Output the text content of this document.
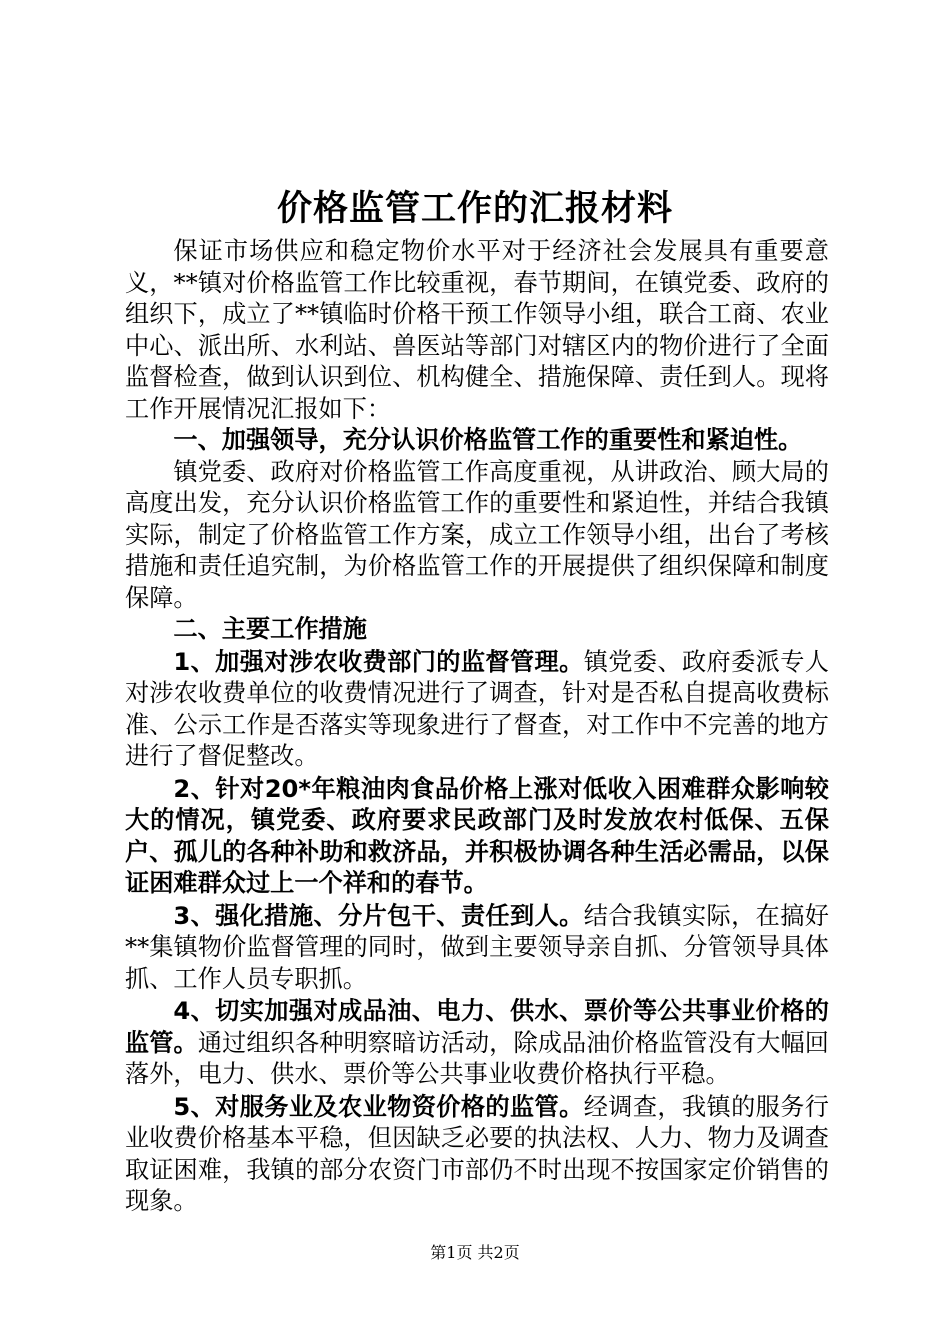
价格监管工作的汇报材料

保证市场供应和稳定物价水平对于经济社会发展具有重要意义，**镇对价格监管工作比较重视，春节期间，在镇党委、政府的组织下，成立了**镇临时价格干预工作领导小组，联合工商、农业中心、派出所、水利站、兽医站等部门对辖区内的物价进行了全面监督检查，做到认识到位、机构健全、措施保障、责任到人。现将工作开展情况汇报如下：

一、加强领导，充分认识价格监管工作的重要性和紧迫性。

镇党委、政府对价格监管工作高度重视，从讲政治、顾大局的高度出发，充分认识价格监管工作的重要性和紧迫性，并结合我镇实际，制定了价格监管工作方案，成立工作领导小组，出台了考核措施和责任追究制，为价格监管工作的开展提供了组织保障和制度保障。

二、主要工作措施

1、加强对涉农收费部门的监督管理。镇党委、政府委派专人对涉农收费单位的收费情况进行了调查，针对是否私自提高收费标准、公示工作是否落实等现象进行了督查，对工作中不完善的地方进行了督促整改。

2、针对20*年粮油肉食品价格上涨对低收入困难群众影响较大的情况，镇党委、政府要求民政部门及时发放农村低保、五保户、孤儿的各种补助和救济品，并积极协调各种生活必需品，以保证困难群众过上一个祥和的春节。

3、强化措施、分片包干、责任到人。结合我镇实际，在搞好**集镇物价监督管理的同时，做到主要领导亲自抓、分管领导具体抓、工作人员专职抓。

4、切实加强对成品油、电力、供水、票价等公共事业价格的监管。通过组织各种明察暗访活动，除成品油价格监管没有大幅回落外，电力、供水、票价等公共事业收费价格执行平稳。

5、对服务业及农业物资价格的监管。经调查，我镇的服务行业收费价格基本平稳，但因缺乏必要的执法权、人力、物力及调查取证困难，我镇的部分农资门市部仍不时出现不按国家定价销售的现象。

第1页 共2页
